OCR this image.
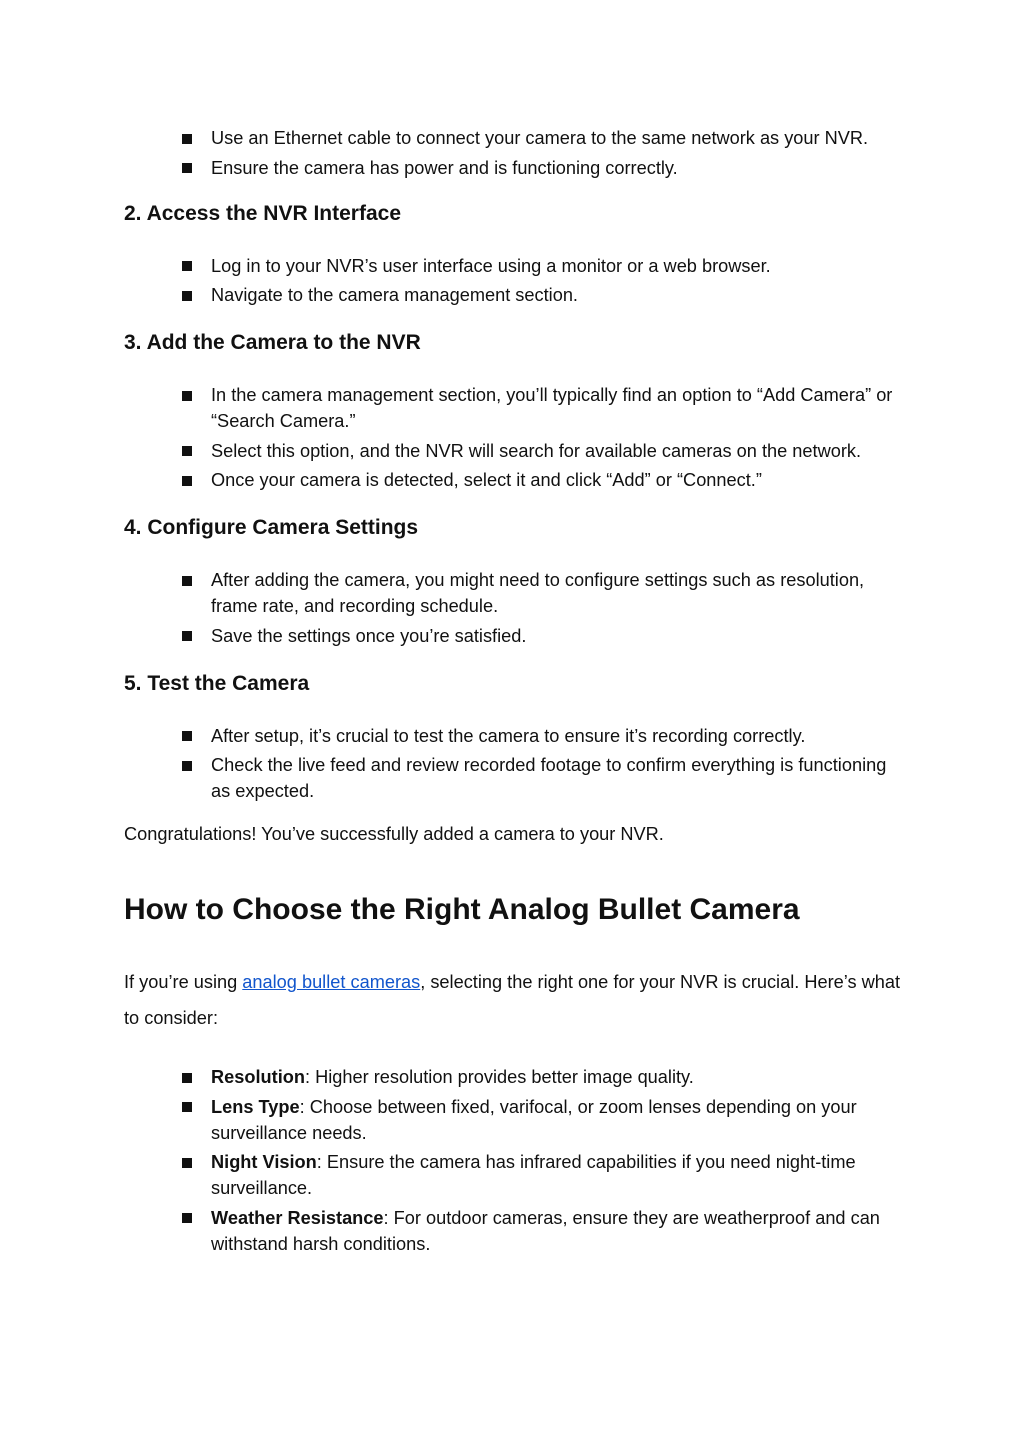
Use an Ethernet cable to connect your camera to the same network as your NVR.
Ensure the camera has power and is functioning correctly.
2. Access the NVR Interface
Log in to your NVR’s user interface using a monitor or a web browser.
Navigate to the camera management section.
3. Add the Camera to the NVR
In the camera management section, you’ll typically find an option to “Add Camera” or “Search Camera.”
Select this option, and the NVR will search for available cameras on the network.
Once your camera is detected, select it and click “Add” or “Connect.”
4. Configure Camera Settings
After adding the camera, you might need to configure settings such as resolution, frame rate, and recording schedule.
Save the settings once you’re satisfied.
5. Test the Camera
After setup, it’s crucial to test the camera to ensure it’s recording correctly.
Check the live feed and review recorded footage to confirm everything is functioning as expected.

Congratulations! You’ve successfully added a camera to your NVR.

How to Choose the Right Analog Bullet Camera

If you’re using analog bullet cameras, selecting the right one for your NVR is crucial. Here’s what to consider:

Resolution: Higher resolution provides better image quality.
Lens Type: Choose between fixed, varifocal, or zoom lenses depending on your surveillance needs.
Night Vision: Ensure the camera has infrared capabilities if you need night-time surveillance.
Weather Resistance: For outdoor cameras, ensure they are weatherproof and can withstand harsh conditions.
